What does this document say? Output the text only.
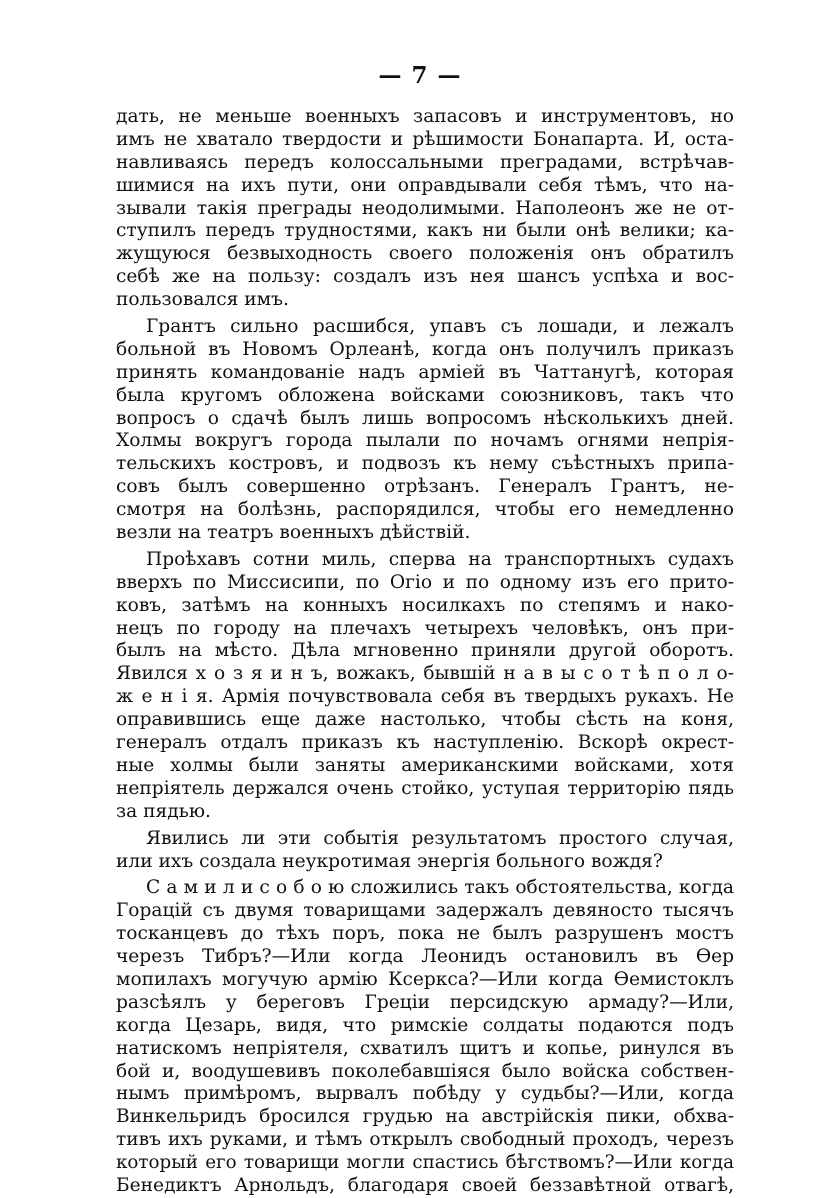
— 7 —
дать, не меньше военныхъ запасовъ и инструментовъ, но
имъ не хватало твердости и рѣшимости Бонапарта. И, оста-
навливаясь передъ колоссальными преградами, встрѣчав-
шимися на ихъ пути, они оправдывали себя тѣмъ, что на-
зывали такія преграды неодолимыми. Наполеонъ же не от-
ступилъ передъ трудностями, какъ ни были онѣ велики; ка-
жущуюся безвыходность своего положенія онъ обратилъ
себѣ же на пользу: создалъ изъ нея шансъ успѣха и вос-
пользовался имъ.
Грантъ сильно расшибся, упавъ съ лошади, и лежалъ
больной въ Новомъ Орлеанѣ, когда онъ получилъ приказъ
принять командованіе надъ арміей въ Чаттанугѣ, которая
была кругомъ обложена войсками союзниковъ, такъ что
вопросъ о сдачѣ былъ лишь вопросомъ нѣсколькихъ дней.
Холмы вокругъ города пылали по ночамъ огнями непрія-
тельскихъ костровъ, и подвозъ къ нему съѣстныхъ припа-
совъ былъ совершенно отрѣзанъ. Генералъ Грантъ, не-
смотря на болѣзнь, распорядился, чтобы его немедленно
везли на театръ военныхъ дѣйствій.
Проѣхавъ сотни миль, сперва на транспортныхъ судахъ
вверхъ по Миссисипи, по Огіо и по одному изъ его прито-
ковъ, затѣмъ на конныхъ носилкахъ по степямъ и нако-
нецъ по городу на плечахъ четырехъ человѣкъ, онъ при-
былъ на мѣсто. Дѣла мгновенно приняли другой оборотъ.
Явился х о з я и н ъ, вожакъ, бывшій н а в ы с о т ѣ п о л о-
ж е н і я. Армія почувствовала себя въ твердыхъ рукахъ. Не
оправившись еще даже настолько, чтобы сѣсть на коня,
генералъ отдалъ приказъ къ наступленію. Вскорѣ окрест-
ные холмы были заняты американскими войсками, хотя
непріятель держался очень стойко, уступая территорію пядь
за пядью.
Явились ли эти событія результатомъ простого случая,
или ихъ создала неукротимая энергія больного вождя?
С а м и л и с о б о ю сложились такъ обстоятельства, когда
Горацій съ двумя товарищами задержалъ девяносто тысячъ
тосканцевъ до тѣхъ поръ, пока не былъ разрушенъ мостъ
черезъ Тибръ?—Или когда Леонидъ остановилъ въ Ѳер
мопилахъ могучую армію Ксеркса?—Или когда Ѳемистоклъ
разсѣялъ у береговъ Греціи персидскую армаду?—Или,
когда Цезарь, видя, что римскіе солдаты подаются подъ
натискомъ непріятеля, схватилъ щитъ и копье, ринулся въ
бой и, воодушевивъ поколебавшіяся было войска собствен-
нымъ примѣромъ, вырвалъ побѣду у судьбы?—Или, когда
Винкельридъ бросился грудью на австрійскія пики, обхва-
тивъ ихъ руками, и тѣмъ открылъ свободный проходъ, черезъ
который его товарищи могли спастись бѣгствомъ?—Или когда
Бенедиктъ Арнольдъ, благодаря своей беззавѣтной отвагѣ,
